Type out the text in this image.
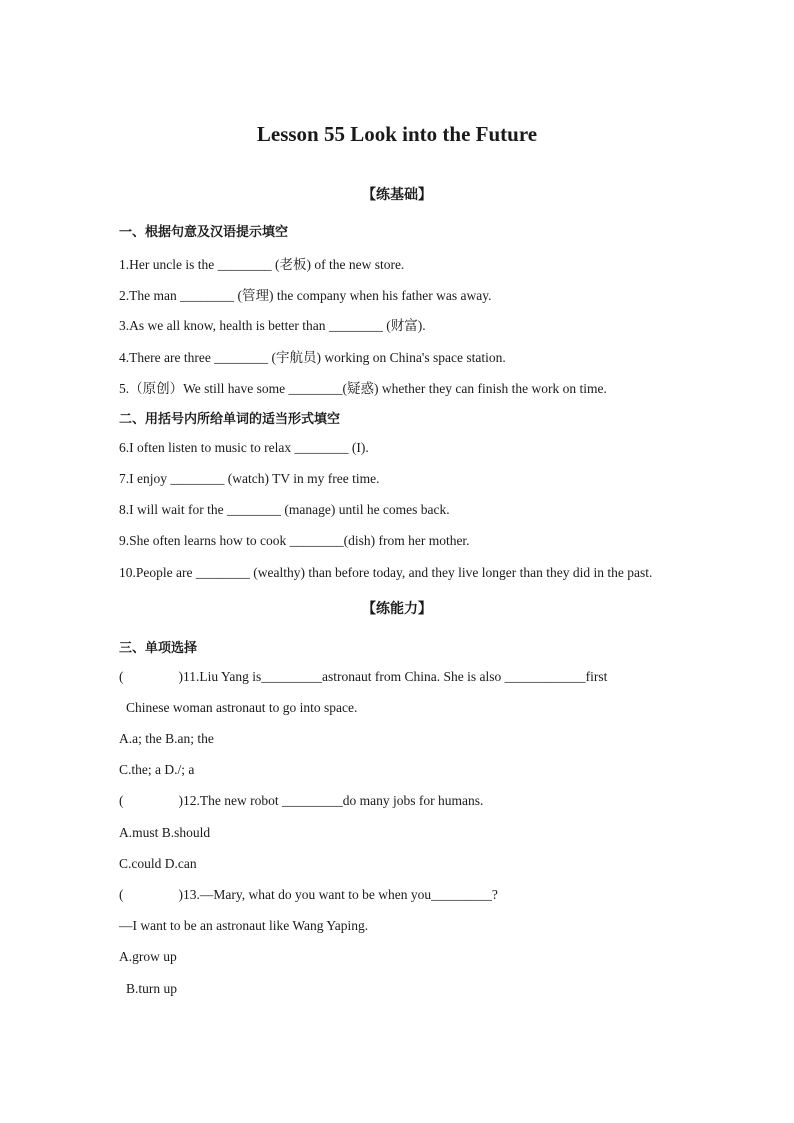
Lesson 55 Look into the Future
【练基础】
一、根据句意及汉语提示填空
1.Her uncle is the ________ (老板) of the new store.
2.The man ________ (管理) the company when his father was away.
3.As we all know, health is better than ________ (财富).
4.There are three ________ (宇航员) working on China's space station.
5.（原创）We still have some ________(疑惑) whether they can finish the work on time.
二、用括号内所给单词的适当形式填空
6.I often listen to music to relax ________ (I).
7.I enjoy ________ (watch) TV in my free time.
8.I will wait for the ________ (manage) until he comes back.
9.She often learns how to cook ________(dish) from her mother.
10.People are ________ (wealthy) than before today, and they live longer than they did in the past.
【练能力】
三、单项选择
(	)11.Liu Yang is_________astronaut from China. She is also ____________first
Chinese woman astronaut to go into space.
A.a; the B.an; the
C.the; a D./; a
(	)12.The new robot _________do many jobs for humans.
A.must B.should
C.could D.can
(	)13.—Mary, what do you want to be when you_________?
—I want to be an astronaut like Wang Yaping.
A.grow up
B.turn up
